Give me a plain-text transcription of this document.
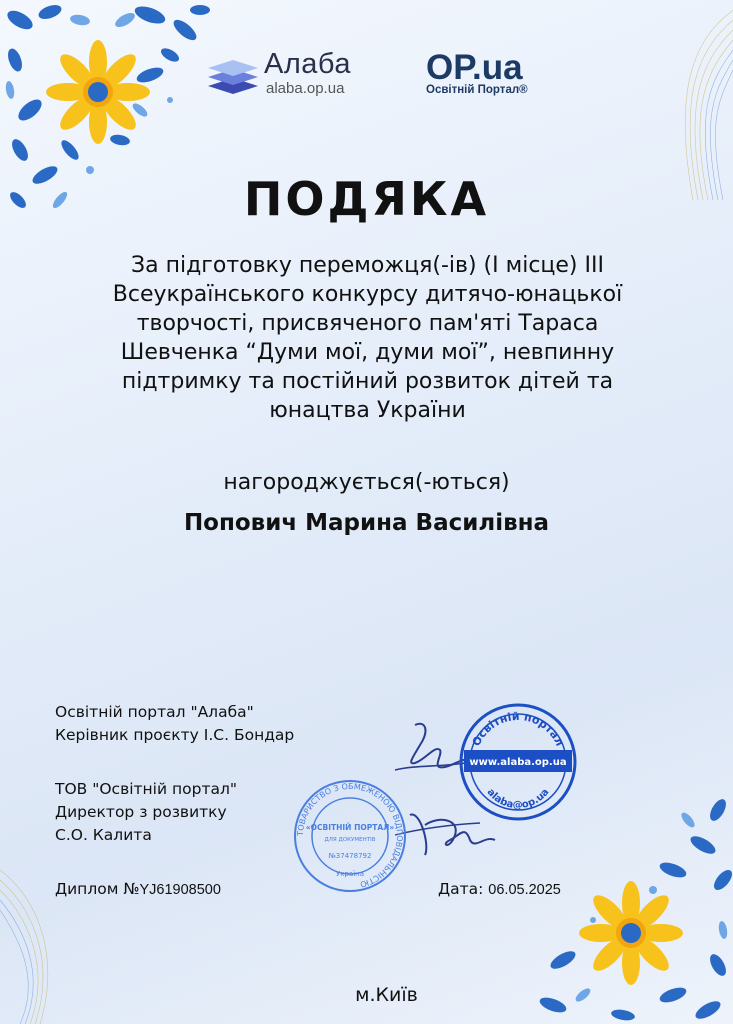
Алаба
alaba.op.ua
OP.ua
Освітній Портал®
ПОДЯКА
За підготовку переможця(-ів) (I місце) III Всеукраїнського конкурсу дитячо-юнацької творчості, присвяченого пам'яті Тараса Шевченка “Думи мої, думи мої”, невпинну підтримку та постійний розвиток дітей та юнацтва України
нагороджується(-ються)
Попович Марина Василівна
Освітній портал "Алаба"
Керівник проєкту І.С. Бондар
ТОВ "Освітній портал"
Директор з розвитку
С.О. Калита
Освітній портал
www.alaba.op.ua
alaba@op.ua
ТОВАРИСТВО З ОБМЕЖЕНОЮ ВІДПОВІДАЛЬНІСТЮ
«ОСВІТНІЙ ПОРТАЛ»
ДЛЯ ДОКУМЕНТІВ
№37478792
Україна
Диплом №YJ61908500	Дата: 06.05.2025
м.Київ
